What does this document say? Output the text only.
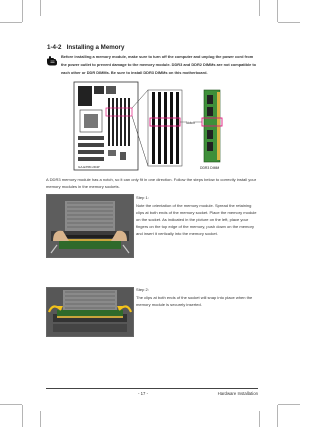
1-4-2 Installing a Memory

Before installing a memory module, make sure to turn off the computer and unplug the power cord from the power outlet to prevent damage to the memory module. DDR3 and DDR2 DIMMs are not compatible to each other or DDR DIMMs. Be sure to install DDR3 DIMMs on this motherboard.

GA-EX58-UD4P
Notch
DDR3 DIMM

A DDR3 memory module has a notch, so it can only fit in one direction. Follow the steps below to correctly install your memory modules in the memory sockets.

Step 1:

Note the orientation of the memory module. Spread the retaining clips at both ends of the memory socket. Place the memory module on the socket. As indicated in the picture on the left, place your fingers on the top edge of the memory, push down on the memory and insert it vertically into the memory socket.

Step 2:

The clips at both ends of the socket will snap into place when the memory module is securely inserted.

- 17 -	Hardware Installation
